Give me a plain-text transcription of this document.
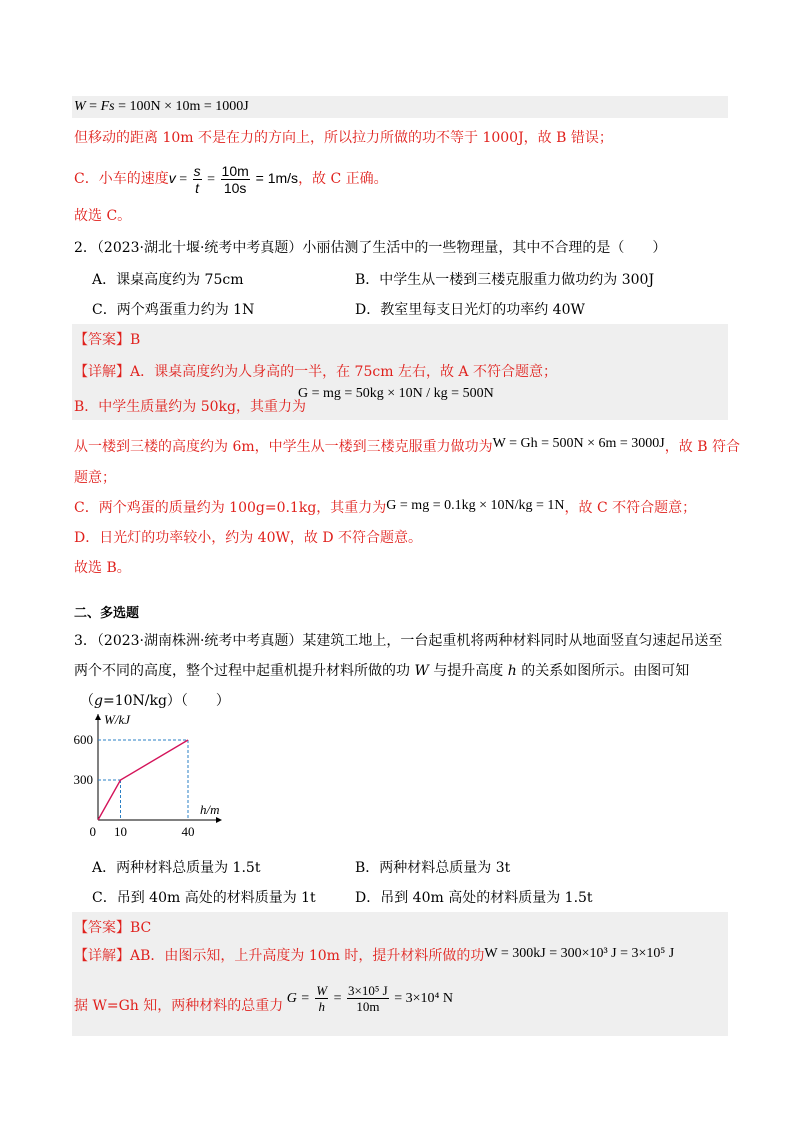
W = Fs = 100N × 10m = 1000J
但移动的距离 10m 不是在力的方向上，所以拉力所做的功不等于 1000J，故 B 错误；
C．小车的速度$v = \frac{s}{t} = \frac{10m}{10s} = 1m/s$，故 C 正确。
故选 C。
2．（2023·湖北十堰·统考中考真题）小丽估测了生活中的一些物理量，其中不合理的是（　　）
A．课桌高度约为 75cm	B．中学生从一楼到三楼克服重力做功约为 300J
C．两个鸡蛋重力约为 1N	D．教室里每支日光灯的功率约 40W
【答案】B
【详解】A．课桌高度约为人身高的一半，在 75cm 左右，故 A 不符合题意；
B．中学生质量约为 50kg，其重力为
G = mg = 50kg × 10N / kg = 500N
从一楼到三楼的高度约为 6m，中学生从一楼到三楼克服重力做功为W = Gh = 500N × 6m = 3000J，故 B 符合
题意；
C．两个鸡蛋的质量约为 100g=0.1kg，其重力为G = mg = 0.1kg × 10N/kg = 1N，故 C 不符合题意；
D．日光灯的功率较小，约为 40W，故 D 不符合题意。
故选 B。
二、多选题
3．（2023·湖南株洲·统考中考真题）某建筑工地上，一台起重机将两种材料同时从地面竖直匀速起吊送至
两个不同的高度，整个过程中起重机提升材料所做的功 W 与提升高度 h 的关系如图所示。由图可知
（g=10N/kg）（　　）
10	40
300
600
0
h/m
W/kJ
A．两种材料总质量为 1.5t	B．两种材料总质量为 3t
C．吊到 40m 高处的材料质量为 1t	D．吊到 40m 高处的材料质量为 1.5t
【答案】BC
【详解】AB．由图示知，上升高度为 10m 时，提升材料所做的功W = 300kJ = 300×10³ J = 3×10⁵ J
据 W=Gh 知，两种材料的总重力 $G = \frac{W}{h} = \frac{\text{3×10⁵ J}}{10m} = 3\times 10^4$ N
